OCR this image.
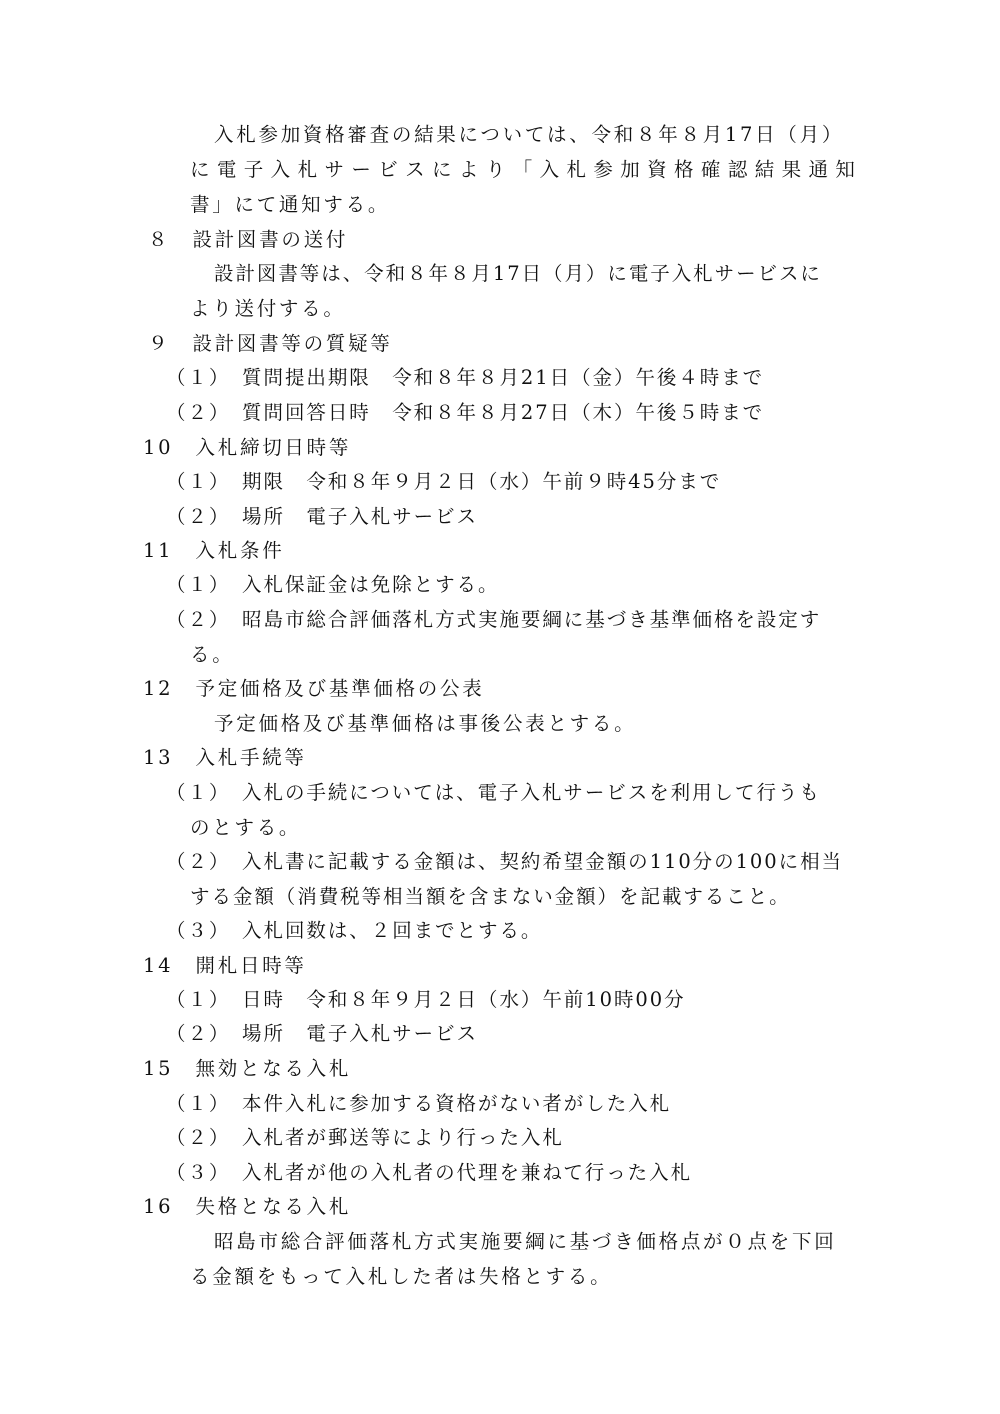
入札参加資格審査の結果については、令和８年８月17日（月）

に 電 子 入 札 サ ー ビ ス に よ り 「 入 札 参 加 資 格 確 認 結 果 通 知

書」にて通知する。

８　設計図書の送付

設計図書等は、令和８年８月17日（月）に電子入札サービスに

より送付する。

９　設計図書等の質疑等

（１）　質問提出期限　令和８年８月21日（金）午後４時まで

（２）　質問回答日時　令和８年８月27日（木）午後５時まで

10　入札締切日時等

（１）　期限　令和８年９月２日（水）午前９時45分まで

（２）　場所　電子入札サービス

11　入札条件

（１）　入札保証金は免除とする。

（２）　昭島市総合評価落札方式実施要綱に基づき基準価格を設定す

る。

12　予定価格及び基準価格の公表

予定価格及び基準価格は事後公表とする。

13　入札手続等

（１）　入札の手続については、電子入札サービスを利用して行うも

のとする。

（２）　入札書に記載する金額は、契約希望金額の110分の100に相当

する金額（消費税等相当額を含まない金額）を記載すること。

（３）　入札回数は、２回までとする。

14　開札日時等

（１）　日時　令和８年９月２日（水）午前10時00分

（２）　場所　電子入札サービス

15　無効となる入札

（１）　本件入札に参加する資格がない者がした入札

（２）　入札者が郵送等により行った入札

（３）　入札者が他の入札者の代理を兼ねて行った入札

16　失格となる入札

昭島市総合評価落札方式実施要綱に基づき価格点が０点を下回

る金額をもって入札した者は失格とする。
